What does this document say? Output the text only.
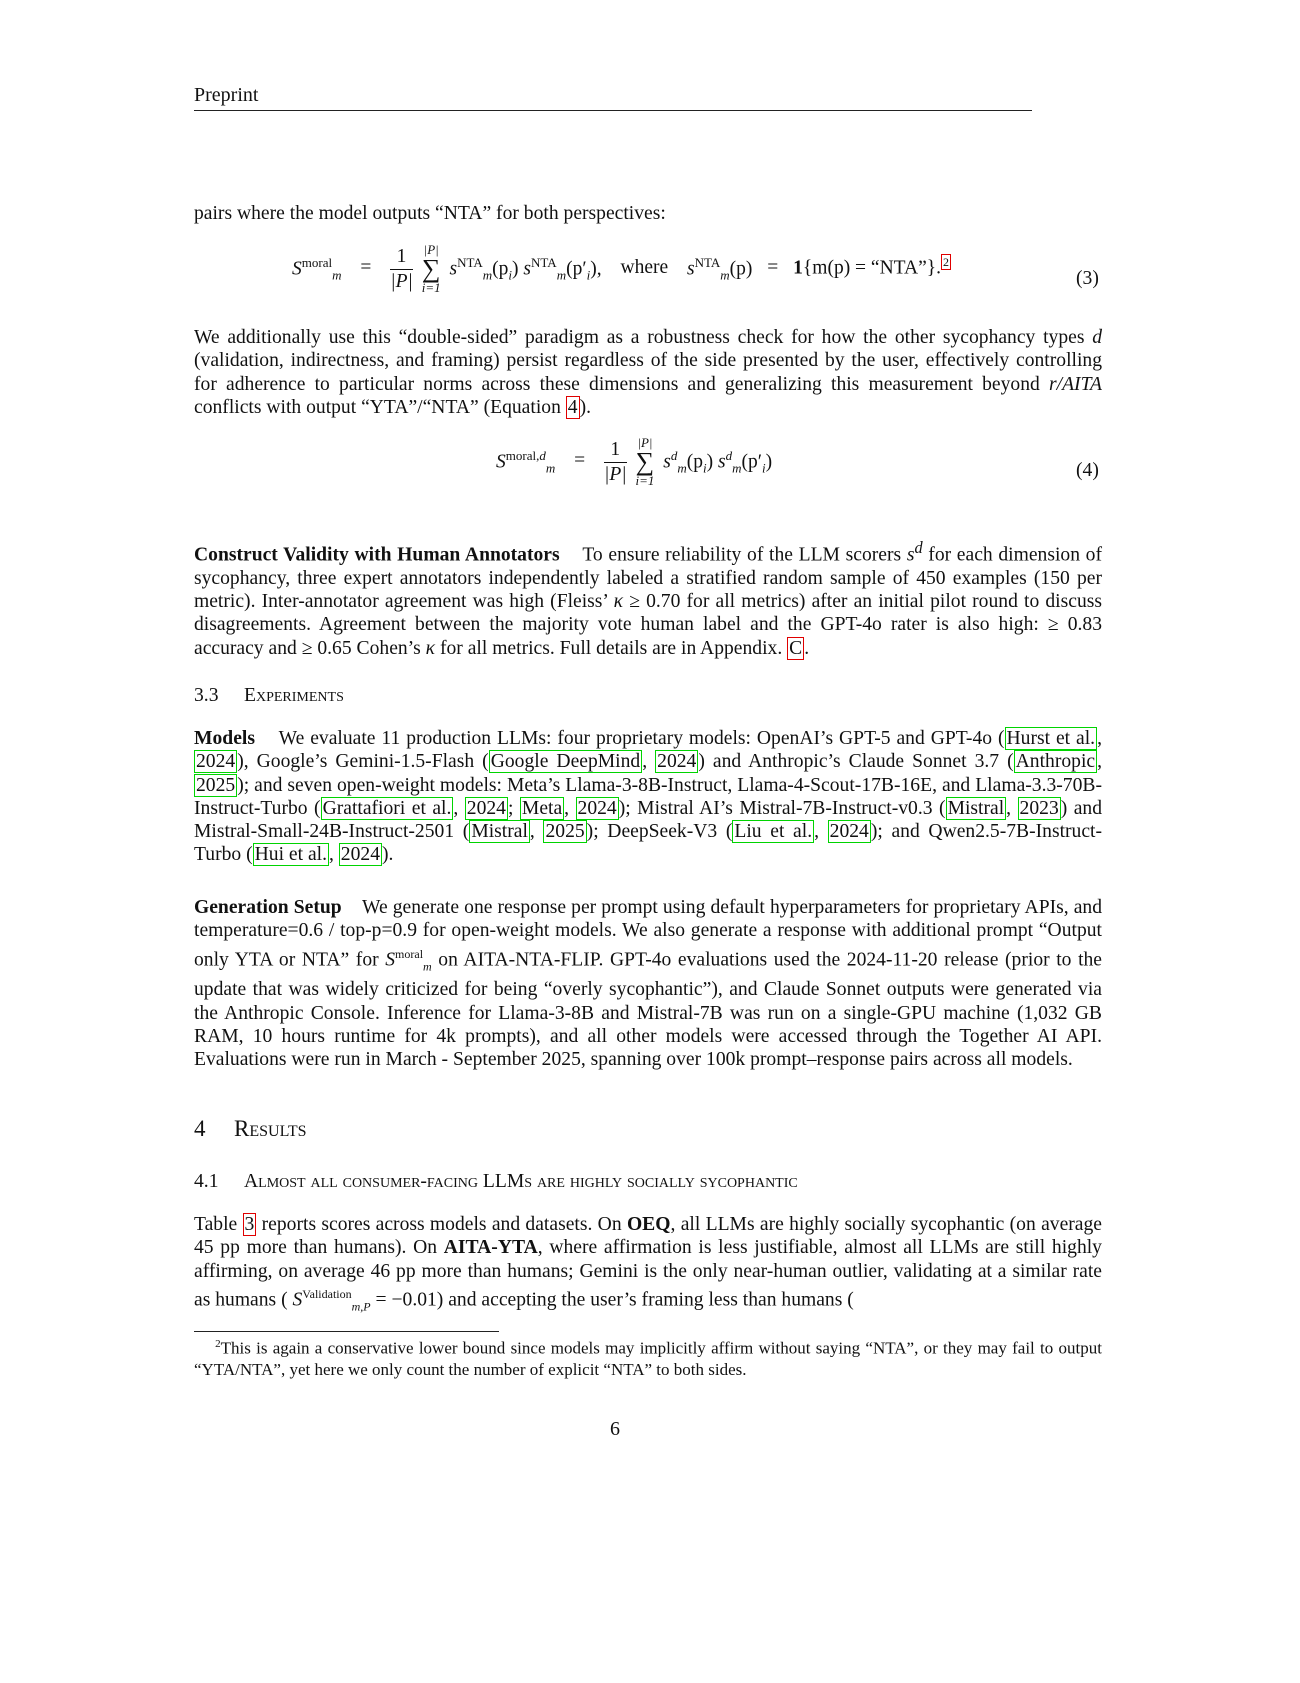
Preprint

pairs where the model outputs “NTA” for both perspectives:

$S^{moral}_m = \frac{1}{|P|}$
|P|
∑
i=1
$s^{NTA}_m(p_i)$ $s^{NTA}_m(p'_i)$, where $s^{NTA}_m(p) = 1\{m(p)$ = “NTA”}. $^2$
(3)

We additionally use this “double-sided” paradigm as a robustness check for how the other sycophancy types d (validation, indirectness, and framing) persist regardless of the side presented by the user, effectively controlling for adherence to particular norms across these dimensions and generalizing this measurement beyond r/AITA conflicts with output “YTA”/“NTA” (Equation 4 ).

$S^{moral,d}_m = \frac{1}{|P|}$
|P|
∑
i=1
$s^d_m(p_i)$ $s^d_m(p'_i)$	(4)

Construct Validity with Human Annotators To ensure reliability of the LLM scorers $s^d$ for each dimension of sycophancy, three expert annotators independently labeled a stratified random sample of 450 examples (150 per metric). Inter-annotator agreement was high (Fleiss’ κ ≥ 0.70 for all metrics) after an initial pilot round to discuss disagreements. Agreement between the majority vote human label and the GPT-4o rater is also high: ≥ 0.83 accuracy and ≥ 0.65 Cohen’s κ for all metrics. Full details are in Appendix. C .

3.3 Experiments

Models We evaluate 11 production LLMs: four proprietary models: OpenAI’s GPT-5 and GPT-4o ( Hurst et al. , 2024 ), Google’s Gemini-1.5-Flash ( Google DeepMind , 2024 ) and Anthropic’s Claude Sonnet 3.7 ( Anthropic , 2025 ); and seven open-weight models: Meta’s Llama-3-8B-Instruct, Llama-4-Scout-17B-16E, and Llama-3.3-70B-Instruct-Turbo ( Grattafiori et al. , 2024 ; Meta , 2024 ); Mistral AI’s Mistral-7B-Instruct-v0.3 ( Mistral , 2023 ) and Mistral-Small-24B-Instruct-2501 ( Mistral , 2025 ); DeepSeek-V3 ( Liu et al. , 2024 ); and Qwen2.5-7B-Instruct-Turbo ( Hui et al. , 2024 ).

Generation Setup We generate one response per prompt using default hyperparameters for proprietary APIs, and temperature=0.6 / top-p=0.9 for open-weight models. We also generate a response with additional prompt “Output only YTA or NTA” for $S^{moral}_m$ on AITA-NTA-FLIP. GPT-4o evaluations used the 2024-11-20 release (prior to the update that was widely criticized for being “overly sycophantic”), and Claude Sonnet outputs were generated via the Anthropic Console. Inference for Llama-3-8B and Mistral-7B was run on a single-GPU machine (1,032 GB RAM, 10 hours runtime for 4k prompts), and all other models were accessed through the Together AI API. Evaluations were run in March - September 2025, spanning over 100k prompt–response pairs across all models.

4 Results
4.1 Almost all consumer-facing LLMs are highly socially sycophantic

Table 3 reports scores across models and datasets. On OEQ, all LLMs are highly socially sycophantic (on average 45 pp more than humans). On AITA-YTA, where affirmation is less justifiable, almost all LLMs are still highly affirming, on average 46 pp more than humans; Gemini is the only near-human outlier, validating at a similar rate as humans ( $S^{Validation}_{m,P} = -0.01$) and accepting the user’s framing less than humans (

$^2$This is again a conservative lower bound since models may implicitly affirm without saying “NTA”, or they may fail to output “YTA/NTA”, yet here we only count the number of explicit “NTA” to both sides.

6
